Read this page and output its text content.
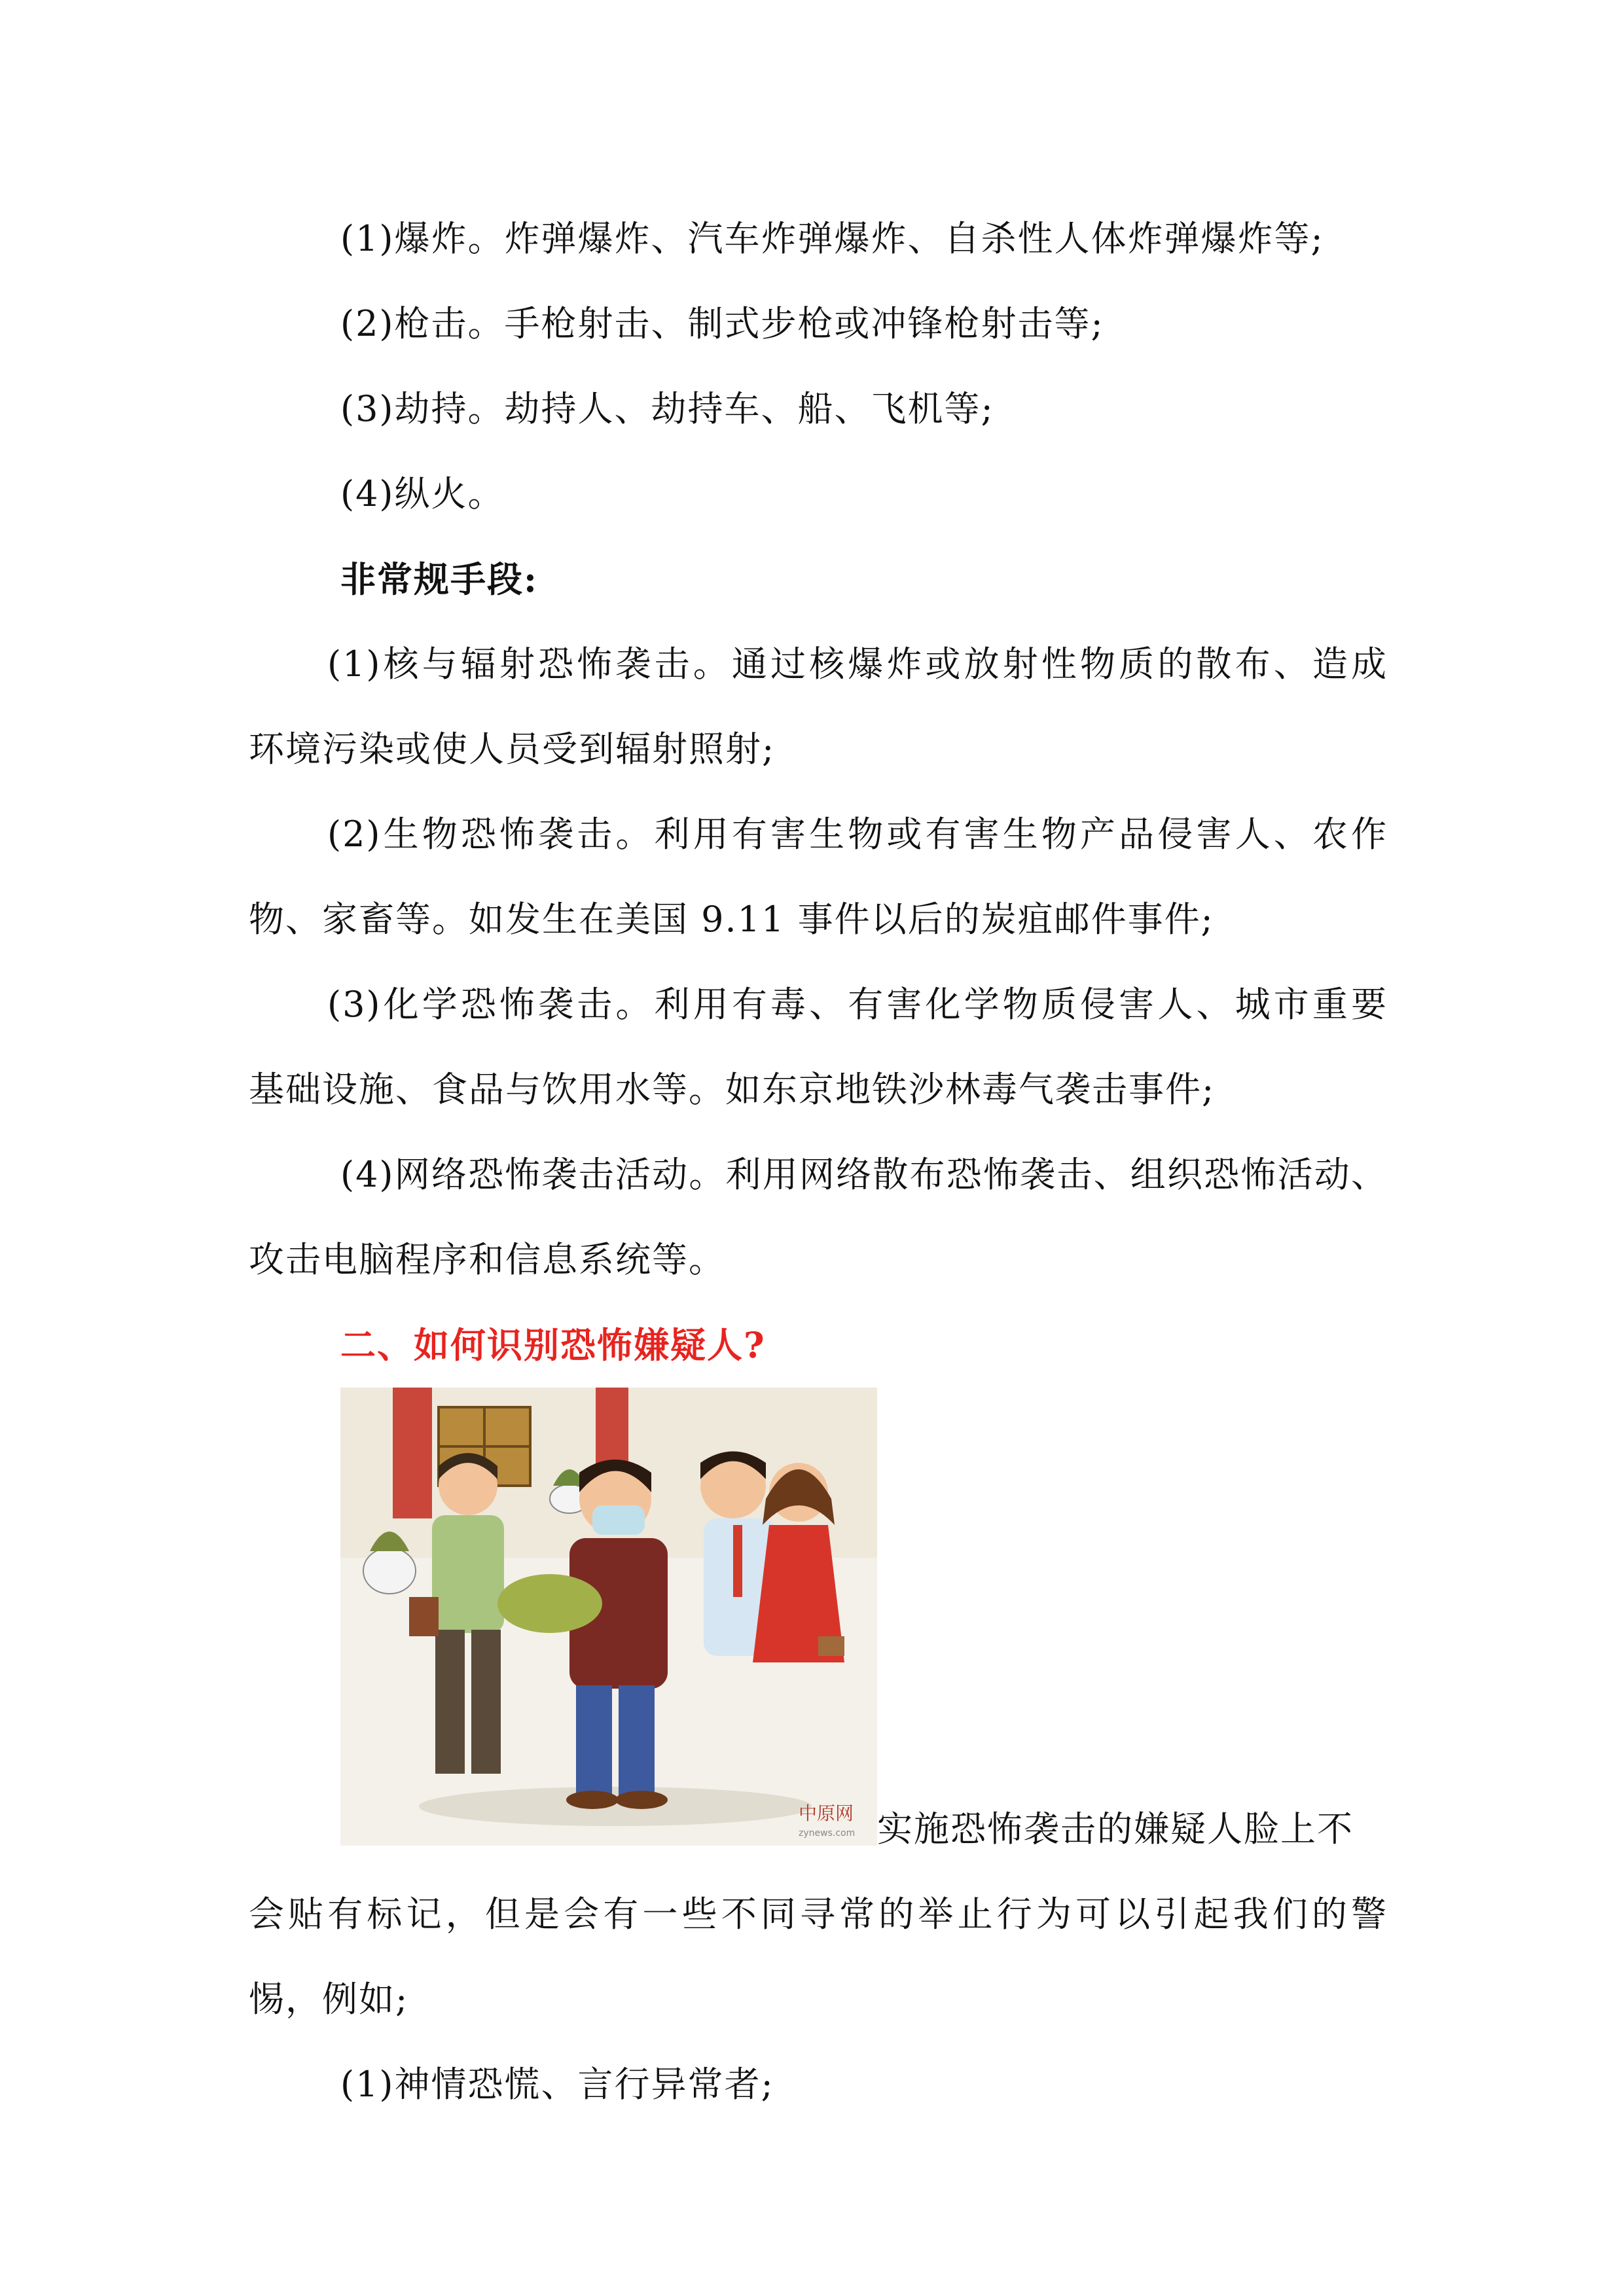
(1)爆炸。炸弹爆炸、汽车炸弹爆炸、自杀性人体炸弹爆炸等;
(2)枪击。手枪射击、制式步枪或冲锋枪射击等;
(3)劫持。劫持人、劫持车、船、飞机等;
(4)纵火。
非常规手段:
(1)核与辐射恐怖袭击。通过核爆炸或放射性物质的散布、造成
环境污染或使人员受到辐射照射;
(2)生物恐怖袭击。利用有害生物或有害生物产品侵害人、农作
物、家畜等。如发生在美国 9.11 事件以后的炭疽邮件事件;
(3)化学恐怖袭击。利用有毒、有害化学物质侵害人、城市重要
基础设施、食品与饮用水等。如东京地铁沙林毒气袭击事件;
(4)网络恐怖袭击活动。利用网络散布恐怖袭击、组织恐怖活动、
攻击电脑程序和信息系统等。
二、如何识别恐怖嫌疑人?
中原网
zynews.com 实施恐怖袭击的嫌疑人脸上不
会贴有标记，但是会有一些不同寻常的举止行为可以引起我们的警
惕，例如;
(1)神情恐慌、言行异常者;
